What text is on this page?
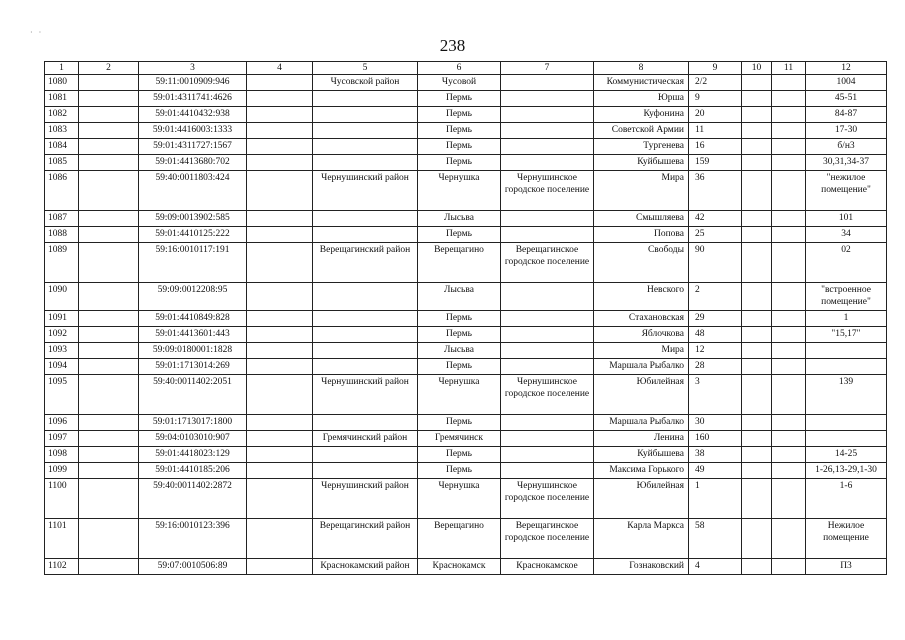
· ·
238
1	2	3	4	5	6	7	8	9	10	11	12
1080		59:11:0010909:946		Чусовской район	Чусовой		Коммунистическая	2/2			1004
1081		59:01:4311741:4626			Пермь		Юрша	9			45-51
1082		59:01:4410432:938			Пермь		Куфонина	20			84-87
1083		59:01:4416003:1333			Пермь		Советской Армии	11			17-30
1084		59:01:4311727:1567			Пермь		Тургенева	16			б/н3
1085		59:01:4413680:702			Пермь		Куйбышева	159			30,31,34-37
1086		59:40:0011803:424		Чернушинский район	Чернушка	Чернушинское городское поселение	Мира	36			"нежилое помещение"
1087		59:09:0013902:585			Лысьва		Смышляева	42			101
1088		59:01:4410125:222			Пермь		Попова	25			34
1089		59:16:0010117:191		Верещагинский район	Верещагино	Верещагинское городское поселение	Свободы	90			02
1090		59:09:0012208:95			Лысьва		Невского	2			"встроенное помещение"
1091		59:01:4410849:828			Пермь		Стахановская	29			1
1092		59:01:4413601:443			Пермь		Яблочкова	48			"15,17"
1093		59:09:0180001:1828			Лысьва		Мира	12			
1094		59:01:1713014:269			Пермь		Маршала Рыбалко	28			
1095		59:40:0011402:2051		Чернушинский район	Чернушка	Чернушинское городское поселение	Юбилейная	3			139
1096		59:01:1713017:1800			Пермь		Маршала Рыбалко	30			
1097		59:04:0103010:907		Гремячинский район	Гремячинск		Ленина	160			
1098		59:01:4418023:129			Пермь		Куйбышева	38			14-25
1099		59:01:4410185:206			Пермь		Максима Горького	49			1-26,13-29,1-30
1100		59:40:0011402:2872		Чернушинский район	Чернушка	Чернушинское городское поселение	Юбилейная	1			1-6
1101		59:16:0010123:396		Верещагинский район	Верещагино	Верещагинское городское поселение	Карла Маркса	58			Нежилое помещение
1102		59:07:0010506:89		Краснокамский район	Краснокамск	Краснокамское	Гознаковский	4			П3
